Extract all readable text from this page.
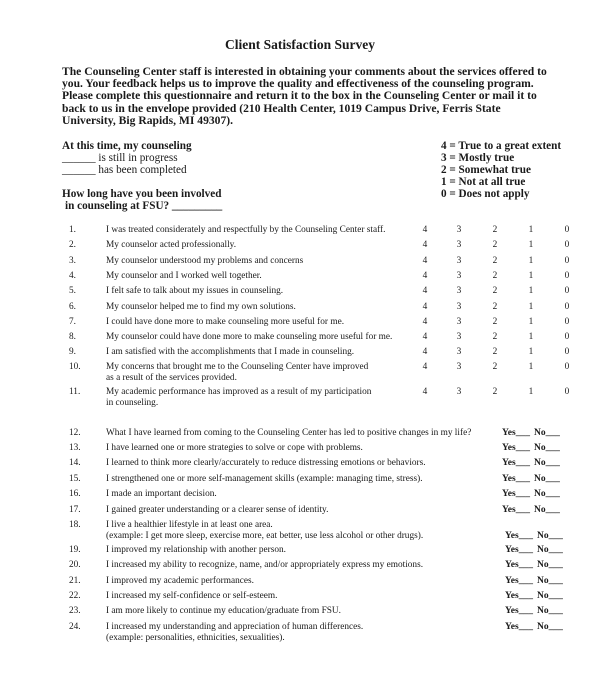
Client Satisfaction Survey
The Counseling Center staff is interested in obtaining your comments about the services offered to
you. Your feedback helps us to improve the quality and effectiveness of the counseling program.
Please complete this questionnaire and return it to the box in the Counseling Center or mail it to
back to us in the envelope provided (210 Health Center, 1019 Campus Drive, Ferris State
University, Big Rapids, MI 49307).
At this time, my counseling
______ is still in progress
______ has been completed
How long have you been involved
in counseling at FSU? _________
4 = True to a great extent
3 = Mostly true
2 = Somewhat true
1 = Not at all true
0 = Does not apply
1.	I was treated considerately and respectfully by the Counseling Center staff.	4	3	2	1	0
2.	My counselor acted professionally.	4	3	2	1	0
3.	My counselor understood my problems and concerns	4	3	2	1	0
4.	My counselor and I worked well together.	4	3	2	1	0
5.	I felt safe to talk about my issues in counseling.	4	3	2	1	0
6.	My counselor helped me to find my own solutions.	4	3	2	1	0
7.	I could have done more to make counseling more useful for me.	4	3	2	1	0
8.	My counselor could have done more to make counseling more useful for me.	4	3	2	1	0
9.	I am satisfied with the accomplishments that I made in counseling.	4	3	2	1	0
10.	My concerns that brought me to the Counseling Center have improved
as a result of the services provided.
4	3	2	1	0
11.	My academic performance has improved as a result of my participation
in counseling.
4	3	2	1	0
12.	What I have learned from coming to the Counseling Center has led to positive changes in my life?	Yes___ No___
13.	I have learned one or more strategies to solve or cope with problems.	Yes___ No___
14.	I learned to think more clearly/accurately to reduce distressing emotions or behaviors.	Yes___ No___
15.	I strengthened one or more self-management skills (example: managing time, stress).	Yes___ No___
16.	I made an important decision.	Yes___ No___
17.	I gained greater understanding or a clearer sense of identity.	Yes___ No___
18.	I live a healthier lifestyle in at least one area.
(example: I get more sleep, exercise more, eat better, use less alcohol or other drugs).	Yes___ No___
19.	I improved my relationship with another person.	Yes___ No___
20.	I increased my ability to recognize, name, and/or appropriately express my emotions.	Yes___ No___
21.	I improved my academic performances.	Yes___ No___
22.	I increased my self-confidence or self-esteem.	Yes___ No___
23.	I am more likely to continue my education/graduate from FSU.	Yes___ No___
24.	I increased my understanding and appreciation of human differences.
(example: personalities, ethnicities, sexualities).
Yes___ No___
